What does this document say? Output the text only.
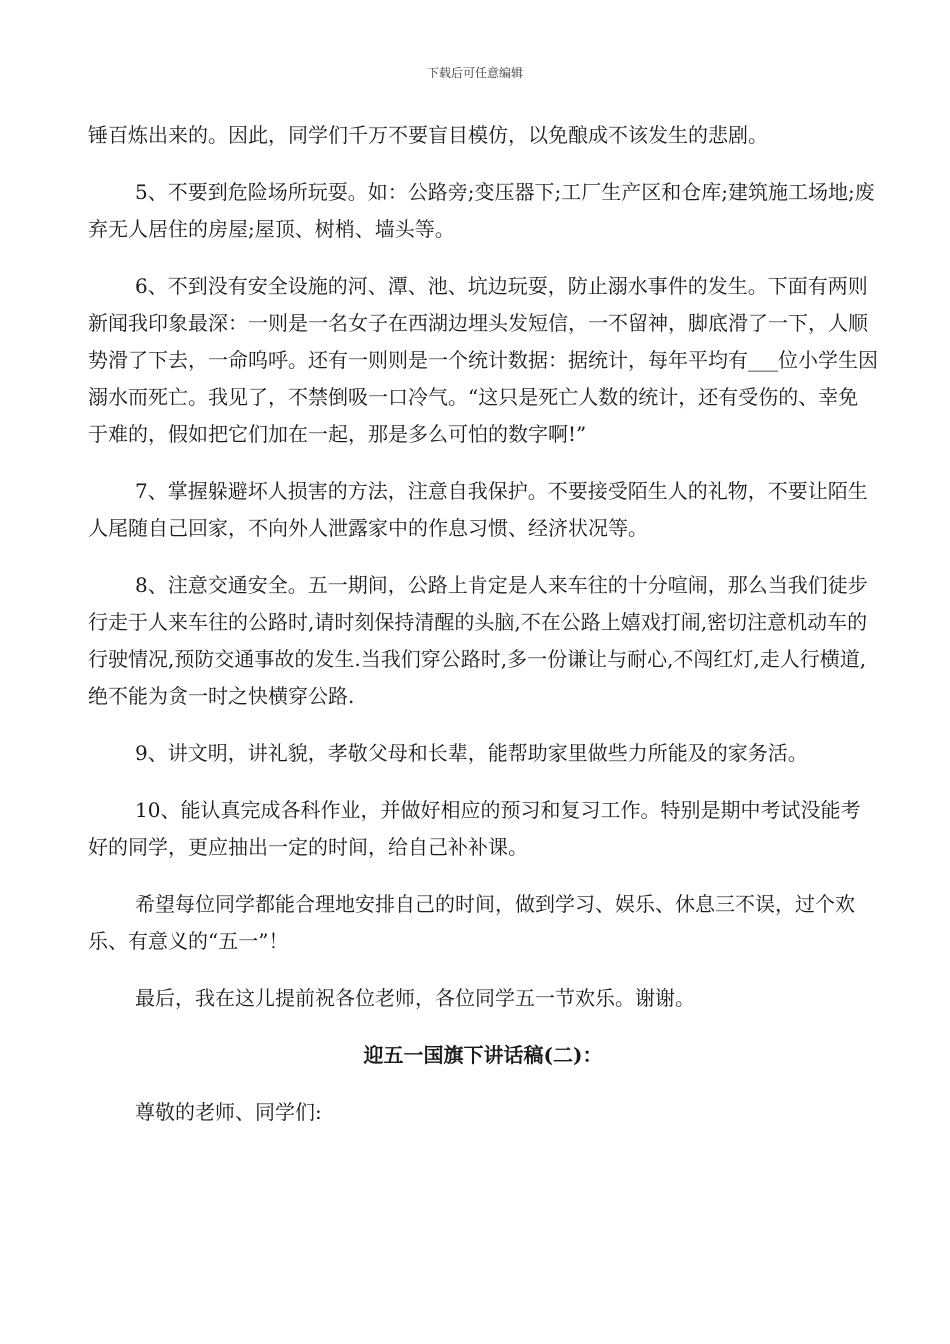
下载后可任意编辑

锤百炼出来的。因此，同学们千万不要盲目模仿，以免酿成不该发生的悲剧。

5、不要到危险场所玩耍。如：公路旁;变压器下;工厂生产区和仓库;建筑施工场地;废弃无人居住的房屋;屋顶、树梢、墙头等。

6、不到没有安全设施的河、潭、池、坑边玩耍，防止溺水事件的发生。下面有两则新闻我印象最深：一则是一名女子在西湖边埋头发短信，一不留神，脚底滑了一下，人顺势滑了下去，一命呜呼。还有一则则是一个统计数据：据统计，每年平均有___位小学生因溺水而死亡。我见了，不禁倒吸一口冷气。“这只是死亡人数的统计，还有受伤的、幸免于难的，假如把它们加在一起，那是多么可怕的数字啊!”

7、掌握躲避坏人损害的方法，注意自我保护。不要接受陌生人的礼物，不要让陌生人尾随自己回家，不向外人泄露家中的作息习惯、经济状况等。

8、注意交通安全。五一期间，公路上肯定是人来车往的十分喧闹，那么当我们徒步行走于人来车往的公路时,请时刻保持清醒的头脑,不在公路上嬉戏打闹,密切注意机动车的行驶情况,预防交通事故的发生.当我们穿公路时,多一份谦让与耐心,不闯红灯,走人行横道,绝不能为贪一时之快横穿公路.

9、讲文明，讲礼貌，孝敬父母和长辈，能帮助家里做些力所能及的家务活。

10、能认真完成各科作业，并做好相应的预习和复习工作。特别是期中考试没能考好的同学，更应抽出一定的时间，给自己补补课。

希望每位同学都能合理地安排自己的时间，做到学习、娱乐、休息三不误，过个欢乐、有意义的“五一”！

最后，我在这儿提前祝各位老师，各位同学五一节欢乐。谢谢。

迎五一国旗下讲话稿(二)：

尊敬的老师、同学们:
